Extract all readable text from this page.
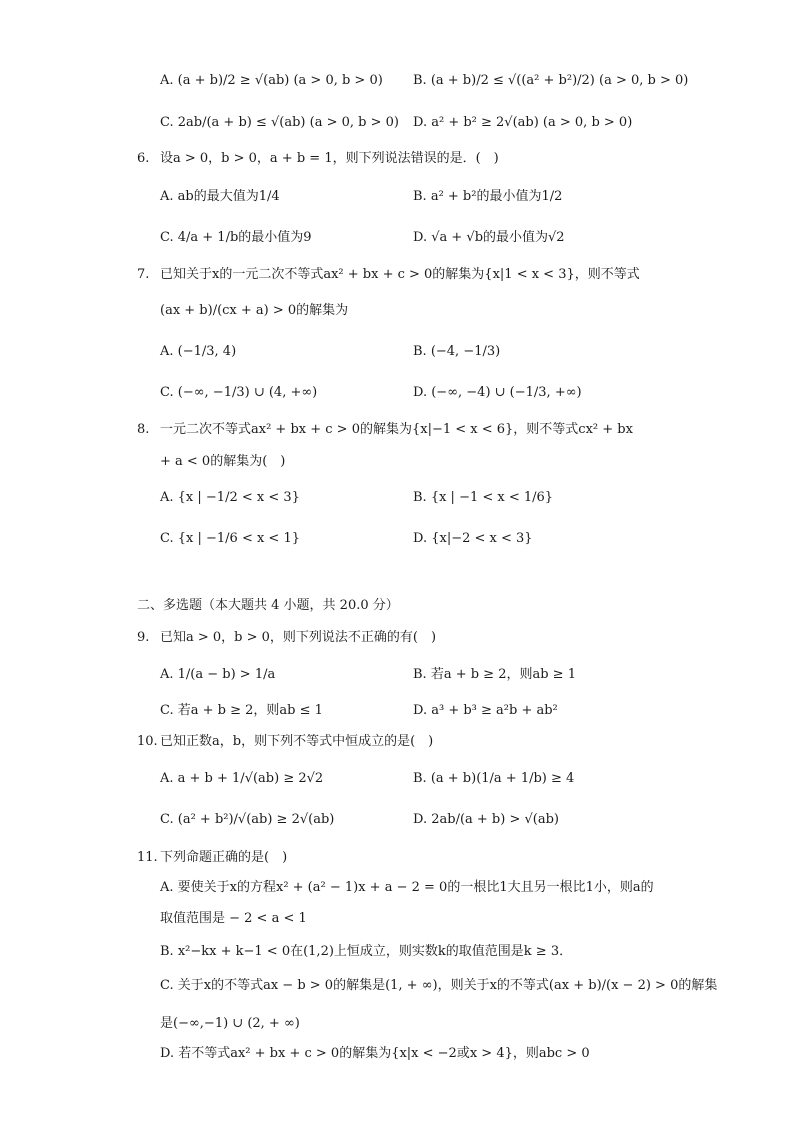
A. (a + b)/2 ≥ √(ab) (a > 0, b > 0) B. (a + b)/2 ≤ √((a² + b²)/2) (a > 0, b > 0)
C. 2ab/(a + b) ≤ √(ab) (a > 0, b > 0) D. a² + b² ≥ 2√(ab) (a > 0, b > 0)
6. 设a > 0，b > 0，a + b = 1，则下列说法错误的是．(　)
A. ab的最大值为1/4	B. a² + b²的最小值为1/2
C. 4/a + 1/b的最小值为9	D. √a + √b的最小值为√2
7. 已知关于x的一元二次不等式ax² + bx + c > 0的解集为{x|1 < x < 3}，则不等式
(ax + b)/(cx + a) > 0的解集为
A. (−1/3, 4)	B. (−4, −1/3)
C. (−∞, −1/3) ∪ (4, +∞)	D. (−∞, −4) ∪ (−1/3, +∞)
8. 一元二次不等式ax² + bx + c > 0的解集为{x|−1 < x < 6}，则不等式cx² + bx
+ a < 0的解集为(　)
A. {x | −1/2 < x < 3}	B. {x | −1 < x < 1/6}
C. {x | −1/6 < x < 1}	D. {x|−2 < x < 3}
二、多选题（本大题共 4 小题，共 20.0 分）
9. 已知a > 0，b > 0，则下列说法不正确的有(　)
A. 1/(a − b) > 1/a	B. 若a + b ≥ 2，则ab ≥ 1
C. 若a + b ≥ 2，则ab ≤ 1	D. a³ + b³ ≥ a²b + ab²
10. 已知正数a，b，则下列不等式中恒成立的是(　)
A. a + b + 1/√(ab) ≥ 2√2	B. (a + b)(1/a + 1/b) ≥ 4
C. (a² + b²)/√(ab) ≥ 2√(ab)	D. 2ab/(a + b) > √(ab)
11. 下列命题正确的是(　)
A. 要使关于x的方程x² + (a² − 1)x + a − 2 = 0的一根比1大且另一根比1小，则a的
取值范围是 − 2 < a < 1
B. x²−kx + k−1 < 0在(1,2)上恒成立，则实数k的取值范围是k ≥ 3．
C. 关于x的不等式ax − b > 0的解集是(1, + ∞)，则关于x的不等式(ax + b)/(x − 2) > 0的解集
是(−∞,−1) ∪ (2, + ∞)
D. 若不等式ax² + bx + c > 0的解集为{x|x < −2或x > 4}，则abc > 0
